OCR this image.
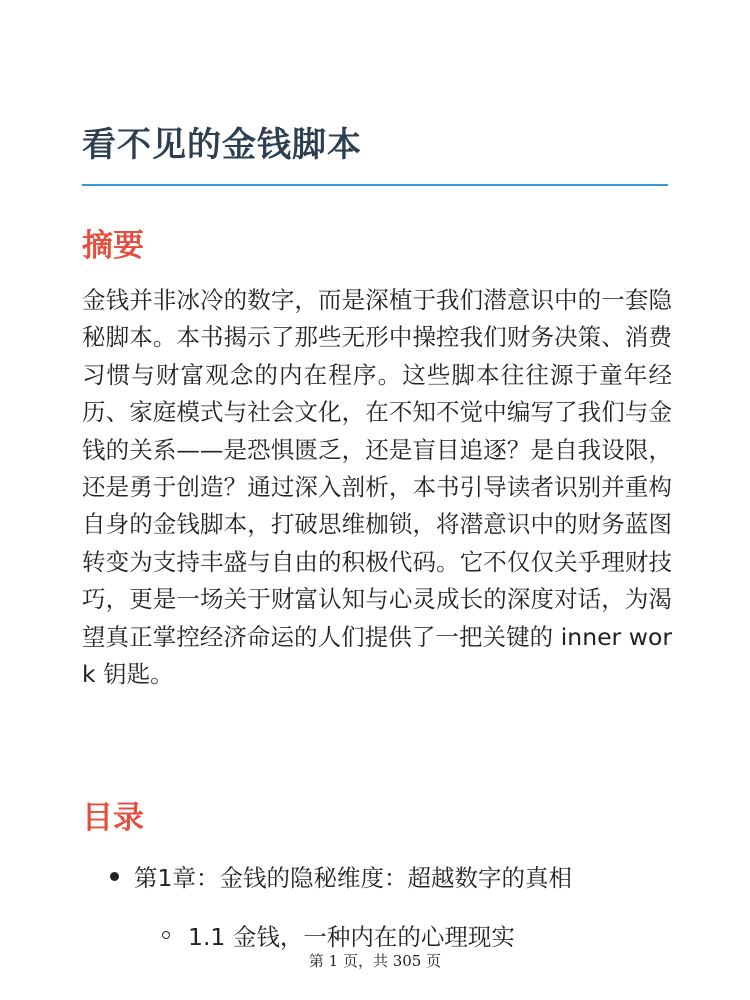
看不见的金钱脚本
摘要

金钱并非冰冷的数字，而是深植于我们潜意识中的一套隐秘脚本。本书揭示了那些无形中操控我们财务决策、消费习惯与财富观念的内在程序。这些脚本往往源于童年经历、家庭模式与社会文化，在不知不觉中编写了我们与金钱的关系——是恐惧匮乏，还是盲目追逐？是自我设限，还是勇于创造？通过深入剖析，本书引导读者识别并重构自身的金钱脚本，打破思维枷锁，将潜意识中的财务蓝图转变为支持丰盛与自由的积极代码。它不仅仅关乎理财技巧，更是一场关于财富认知与心灵成长的深度对话，为渴望真正掌控经济命运的人们提供了一把关键的 inner work 钥匙。

目录
第1章：金钱的隐秘维度：超越数字的真相
1.1 金钱，一种内在的心理现实
第 1 页，共 305 页
